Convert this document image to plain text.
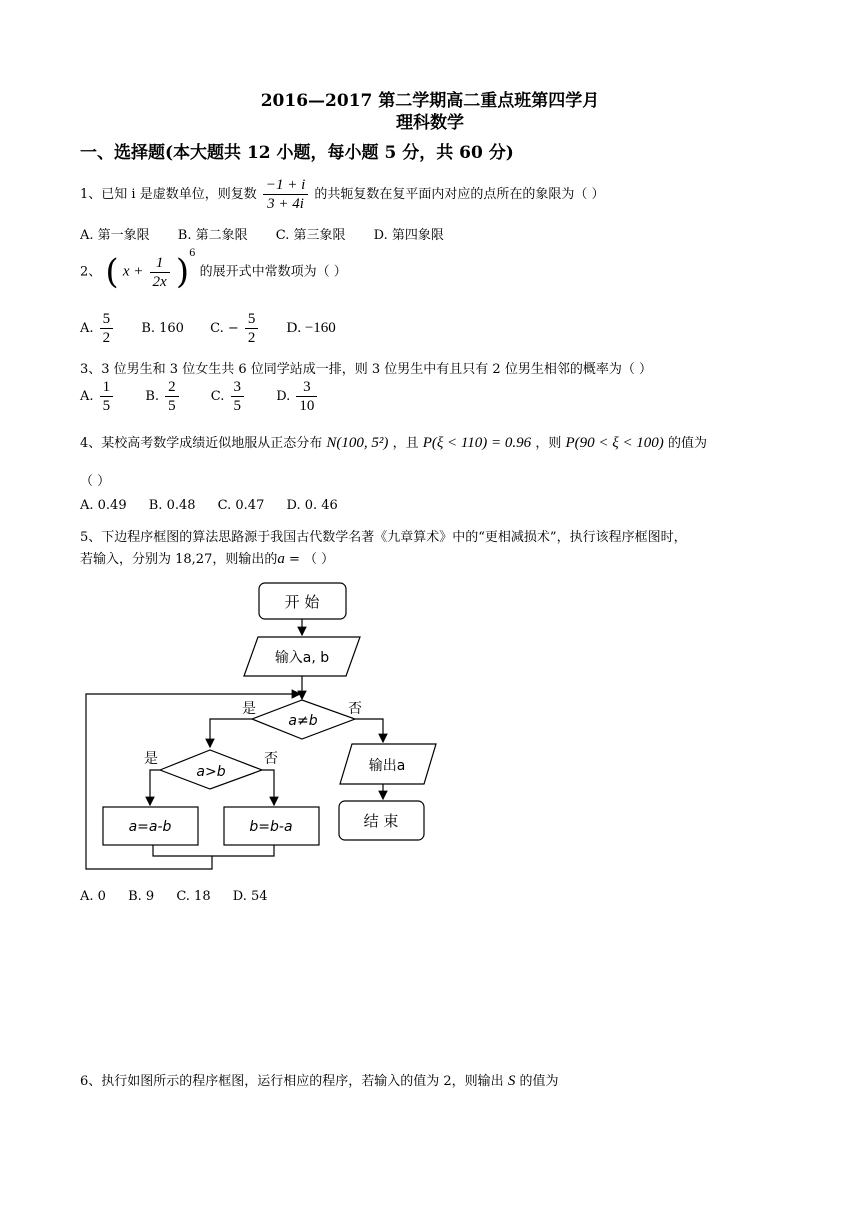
2016—2017 第二学期高二重点班第四学月
理科数学
一、选择题(本大题共 12 小题，每小题 5 分，共 60 分)
1、已知 i 是虚数单位，则复数 $\frac{-1 + i}{3 + 4i}$ 的共轭复数在复平面内对应的点所在的象限为（ ）
A. 第一象限 B. 第二象限 C. 第三象限 D. 第四象限
2、 ( $x + \frac{1}{2x} )^6$ 的展开式中常数项为（ ）
A. $\frac{5}{2} B$. 160 C. − $\frac{5}{2} D$. −160
3、3 位男生和 3 位女生共 6 位同学站成一排，则 3 位男生中有且只有 2 位男生相邻的概率为（ ）
A. $\frac{1}{5} B$. $\frac{2}{5} C$. $\frac{3}{5} D$. $\frac{3}{10}$
4、某校高考数学成绩近似地服从正态分布 N(100, 5²) ，且 P(ξ < 110) = 0.96 ，则 P(90 < ξ < 100) 的值为
（ ）
A. 0.49 B. 0.48 C. 0.47 D. 0. 46
5、下边程序框图的算法思路源于我国古代数学名著《九章算术》中的“更相减损术”，执行该程序框图时，
若输入，分别为 18,27，则输出的a = （ ）
开 始
输入a, b
a≠b
是	否
a>b
是	否	输出a
结 束
a=a-b	b=b-a
A. 0 B. 9 C. 18 D. 54
6、执行如图所示的程序框图，运行相应的程序，若输入的值为 2，则输出 S 的值为
